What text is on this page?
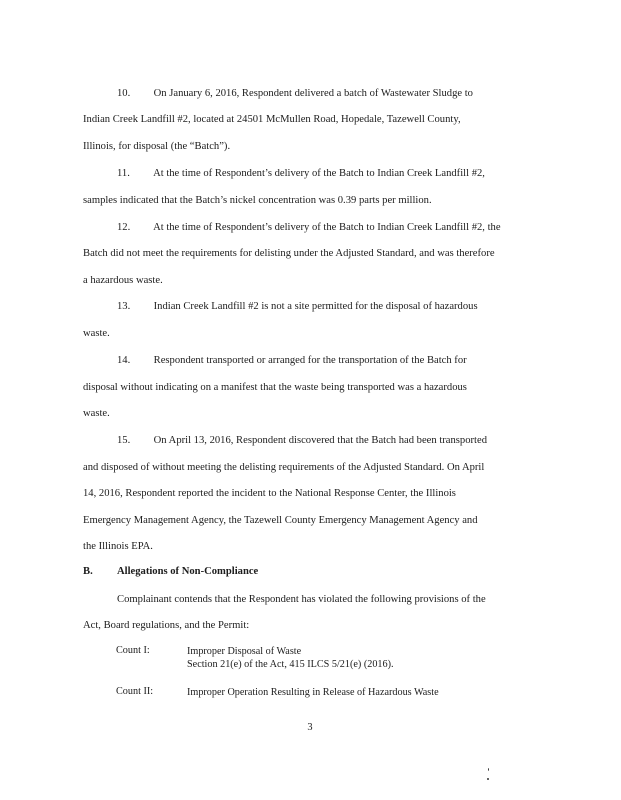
10. On January 6, 2016, Respondent delivered a batch of Wastewater Sludge to
Indian Creek Landfill #2, located at 24501 McMullen Road, Hopedale, Tazewell County,
Illinois, for disposal (the “Batch”).
11. At the time of Respondent’s delivery of the Batch to Indian Creek Landfill #2,
samples indicated that the Batch’s nickel concentration was 0.39 parts per million.
12. At the time of Respondent’s delivery of the Batch to Indian Creek Landfill #2, the
Batch did not meet the requirements for delisting under the Adjusted Standard, and was therefore
a hazardous waste.
13. Indian Creek Landfill #2 is not a site permitted for the disposal of hazardous
waste.
14. Respondent transported or arranged for the transportation of the Batch for
disposal without indicating on a manifest that the waste being transported was a hazardous
waste.
15. On April 13, 2016, Respondent discovered that the Batch had been transported
and disposed of without meeting the delisting requirements of the Adjusted Standard. On April
14, 2016, Respondent reported the incident to the National Response Center, the Illinois
Emergency Management Agency, the Tazewell County Emergency Management Agency and
the Illinois EPA.
B. Allegations of Non-Compliance
Complainant contends that the Respondent has violated the following provisions of the
Act, Board regulations, and the Permit:
Count I:	Improper Disposal of Waste
Section 21(e) of the Act, 415 ILCS 5/21(e) (2016).
Count II:	Improper Operation Resulting in Release of Hazardous Waste
3
